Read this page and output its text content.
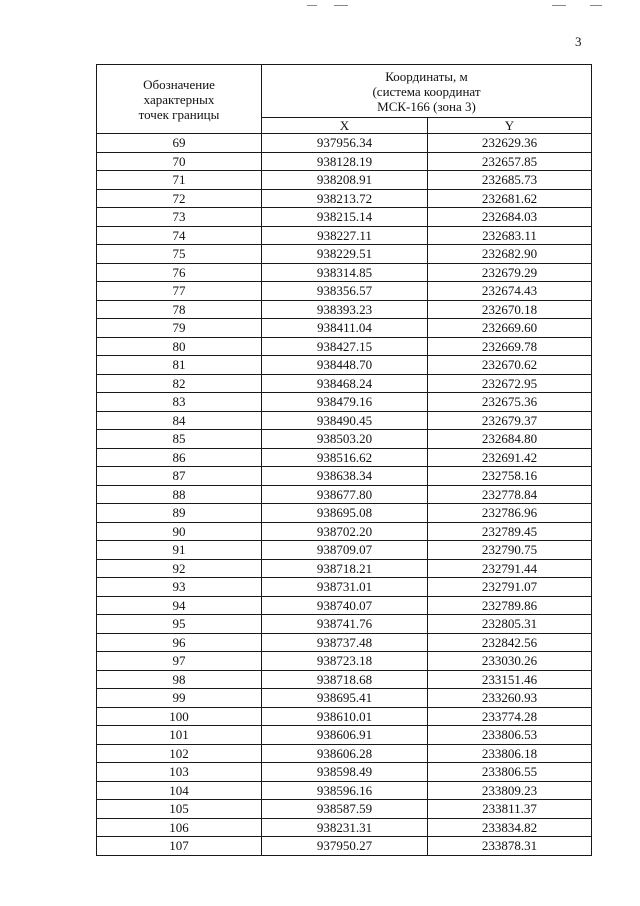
3
Обозначение
характерных
точек границы	Координаты, м
(система координат
МСК-166 (зона 3)	

	X	Y
69	937956.34	232629.36
70	938128.19	232657.85
71	938208.91	232685.73
72	938213.72	232681.62
73	938215.14	232684.03
74	938227.11	232683.11
75	938229.51	232682.90
76	938314.85	232679.29
77	938356.57	232674.43
78	938393.23	232670.18
79	938411.04	232669.60
80	938427.15	232669.78
81	938448.70	232670.62
82	938468.24	232672.95
83	938479.16	232675.36
84	938490.45	232679.37
85	938503.20	232684.80
86	938516.62	232691.42
87	938638.34	232758.16
88	938677.80	232778.84
89	938695.08	232786.96
90	938702.20	232789.45
91	938709.07	232790.75
92	938718.21	232791.44
93	938731.01	232791.07
94	938740.07	232789.86
95	938741.76	232805.31
96	938737.48	232842.56
97	938723.18	233030.26
98	938718.68	233151.46
99	938695.41	233260.93
100	938610.01	233774.28
101	938606.91	233806.53
102	938606.28	233806.18
103	938598.49	233806.55
104	938596.16	233809.23
105	938587.59	233811.37
106	938231.31	233834.82
107	937950.27	233878.31
